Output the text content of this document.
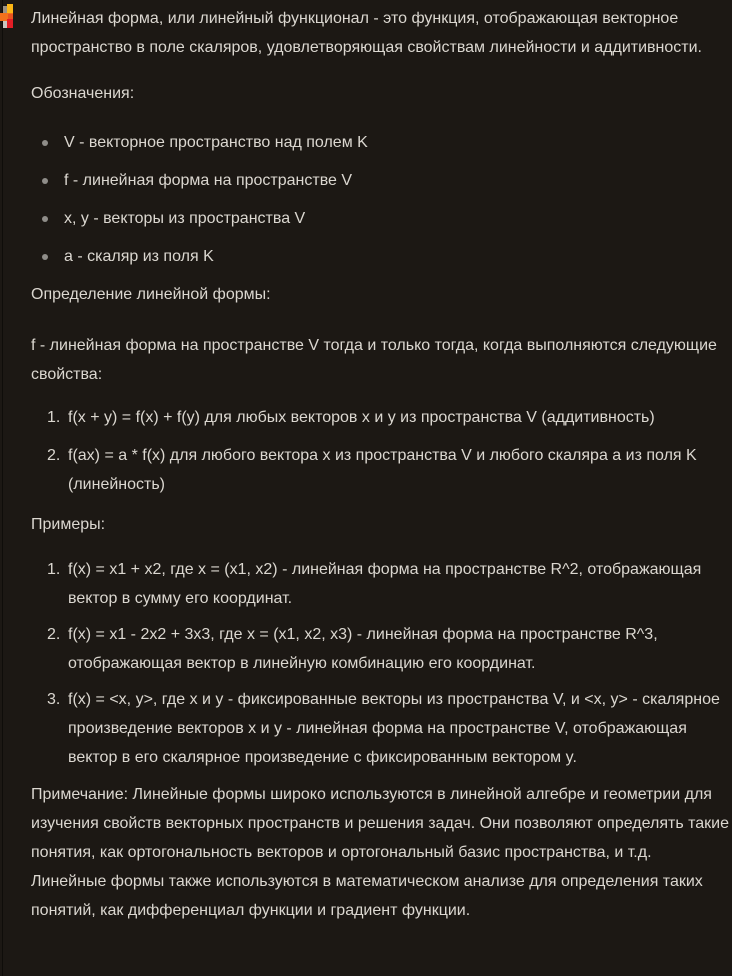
Линейная форма, или линейный функционал - это функция, отображающая векторное пространство в поле скаляров, удовлетворяющая свойствам линейности и аддитивности.

Обозначения:

V - векторное пространство над полем K
f - линейная форма на пространстве V
x, y - векторы из пространства V
a - скаляр из поля K

Определение линейной формы:

f - линейная форма на пространстве V тогда и только тогда, когда выполняются следующие свойства:

f(x + y) = f(x) + f(y) для любых векторов x и y из пространства V (аддитивность)
f(ax) = a * f(x) для любого вектора x из пространства V и любого скаляра a из поля K (линейность)

Примеры:

f(x) = x1 + x2, где x = (x1, x2) - линейная форма на пространстве R^2, отображающая вектор в сумму его координат.
f(x) = x1 - 2x2 + 3x3, где x = (x1, x2, x3) - линейная форма на пространстве R^3, отображающая вектор в линейную комбинацию его координат.
f(x) = <x, y>, где x и y - фиксированные векторы из пространства V, и <x, y> - скалярное произведение векторов x и y - линейная форма на пространстве V, отображающая вектор в его скалярное произведение с фиксированным вектором y.

Примечание: Линейные формы широко используются в линейной алгебре и геометрии для изучения свойств векторных пространств и решения задач. Они позволяют определять такие понятия, как ортогональность векторов и ортогональный базис пространства, и т.д. Линейные формы также используются в математическом анализе для определения таких понятий, как дифференциал функции и градиент функции.
